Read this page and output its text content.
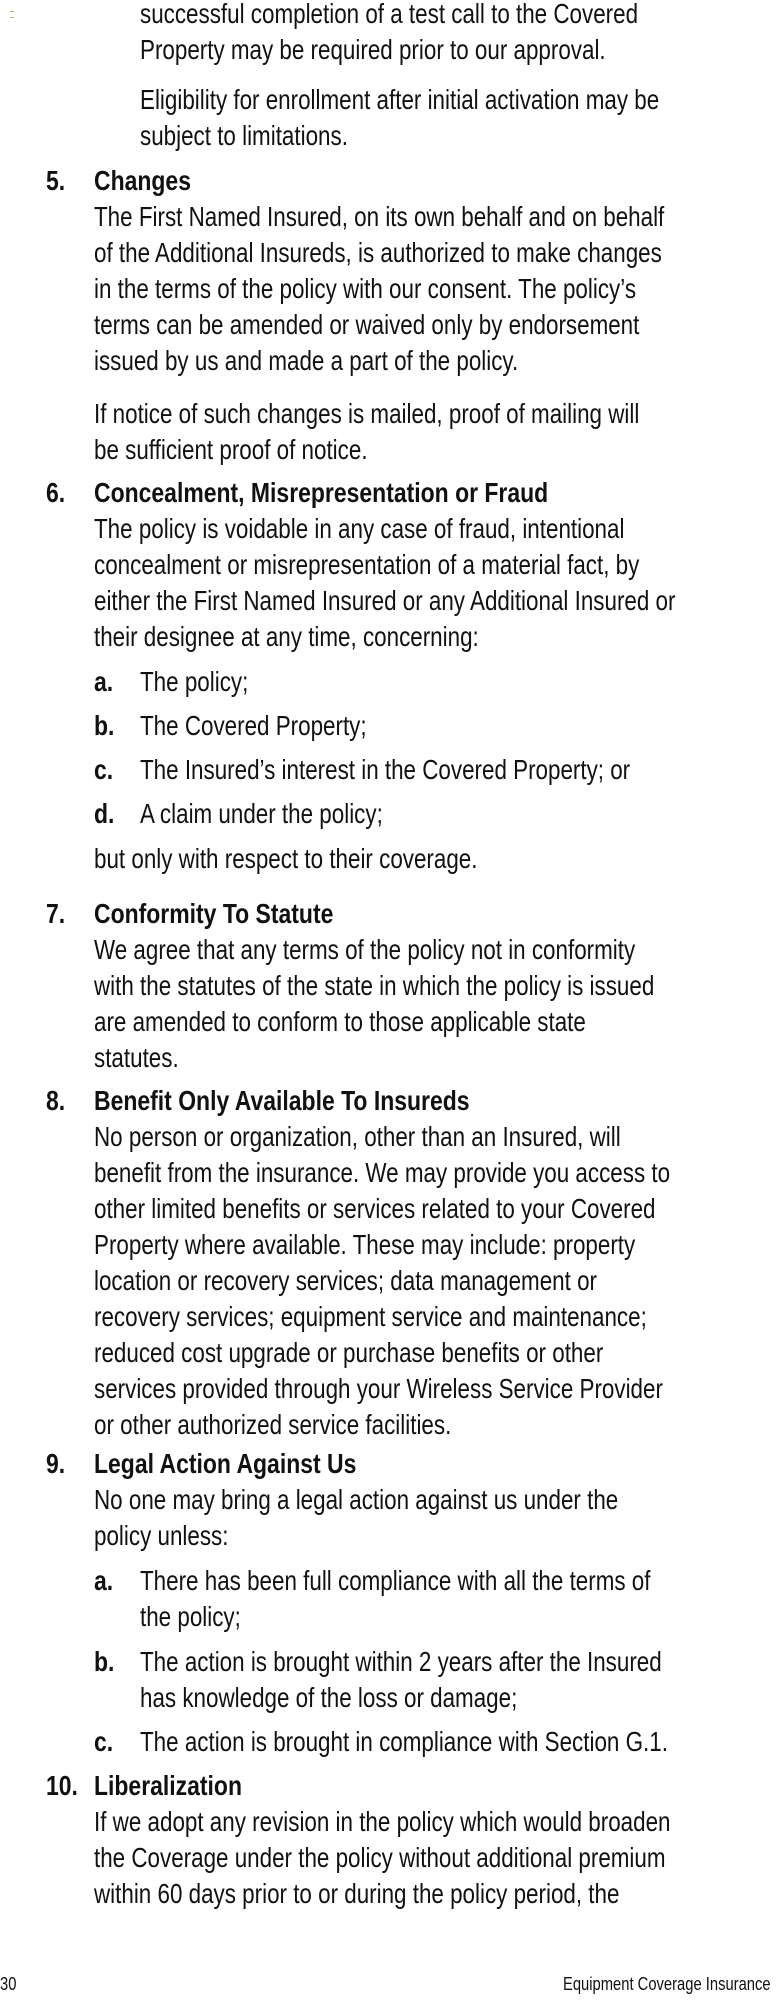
successful completion of a test call to the Covered
Property may be required prior to our approval.

Eligibility for enrollment after initial activation may be
subject to limitations.

5. Changes

The First Named Insured, on its own behalf and on behalf
of the Additional Insureds, is authorized to make changes
in the terms of the policy with our consent. The policy’s
terms can be amended or waived only by endorsement
issued by us and made a part of the policy.

If notice of such changes is mailed, proof of mailing will
be sufficient proof of notice.

6. Concealment, Misrepresentation or Fraud

The policy is voidable in any case of fraud, intentional
concealment or misrepresentation of a material fact, by
either the First Named Insured or any Additional Insured or
their designee at any time, concerning:

a. The policy;

b. The Covered Property;

c. The Insured’s interest in the Covered Property; or

d. A claim under the policy;

but only with respect to their coverage.

7. Conformity To Statute

We agree that any terms of the policy not in conformity
with the statutes of the state in which the policy is issued
are amended to conform to those applicable state
statutes.

8. Benefit Only Available To Insureds

No person or organization, other than an Insured, will
benefit from the insurance. We may provide you access to
other limited benefits or services related to your Covered
Property where available. These may include: property
location or recovery services; data management or
recovery services; equipment service and maintenance;
reduced cost upgrade or purchase benefits or other
services provided through your Wireless Service Provider
or other authorized service facilities.

9. Legal Action Against Us

No one may bring a legal action against us under the
policy unless:

a. There has been full compliance with all the terms of
the policy;

b. The action is brought within 2 years after the Insured
has knowledge of the loss or damage;

c. The action is brought in compliance with Section G.1.

10. Liberalization

If we adopt any revision in the policy which would broaden
the Coverage under the policy without additional premium
within 60 days prior to or during the policy period, the

30	Equipment Coverage Insurance
